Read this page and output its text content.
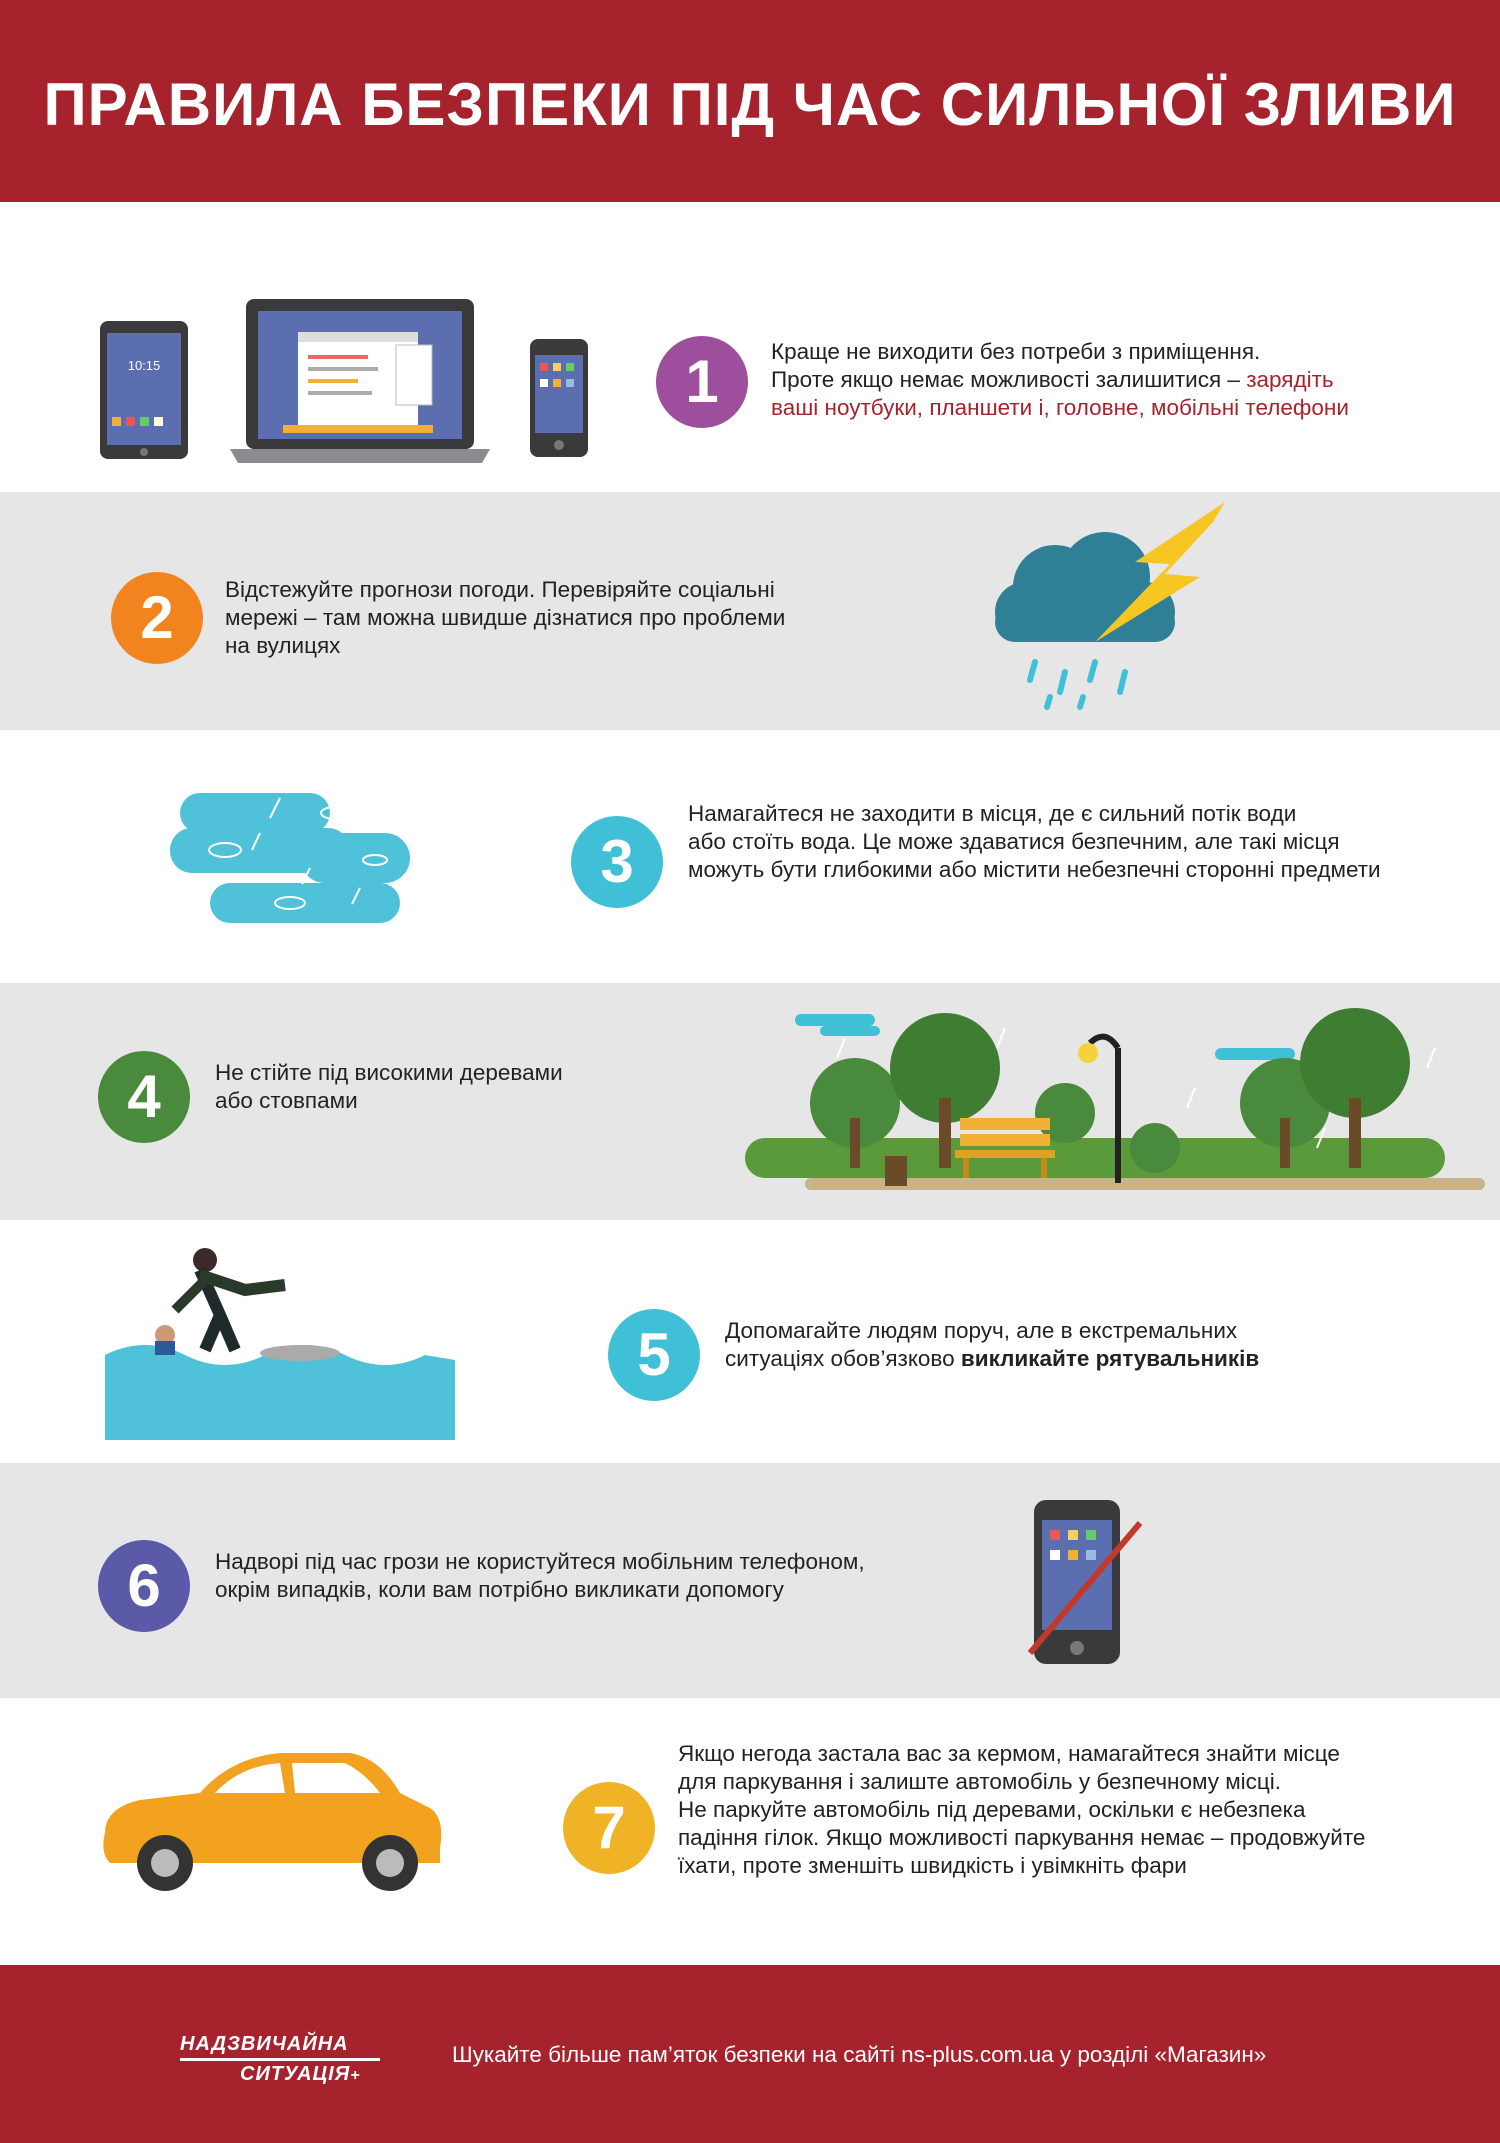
ПРАВИЛА БЕЗПЕКИ ПІД ЧАС СИЛЬНОЇ ЗЛИВИ
10:15	1	Краще не виходити без потреби з приміщення.
Проте якщо немає можливості залишитися – зарядіть
ваші ноутбуки, планшети і, головне, мобільні телефони
2	Відстежуйте прогнози погоди. Перевіряйте соціальні
мережі – там можна швидше дізнатися про проблеми
на вулицях
3
Намагайтеся не заходити в місця, де є сильний потік води
або стоїть вода. Це може здаватися безпечним, але такі місця
можуть бути глибокими або містити небезпечні сторонні предмети
4	Не стійте під високими деревами
або стовпами
5	Допомагайте людям поруч, але в екстремальних
ситуаціях обов’язково викликайте рятувальників
6	Надворі під час грози не користуйтеся мобільним телефоном,
окрім випадків, коли вам потрібно викликати допомогу
7
Якщо негода застала вас за кермом, намагайтеся знайти місце
для паркування і залиште автомобіль у безпечному місці.
Не паркуйте автомобіль під деревами, оскільки є небезпека
падіння гілок. Якщо можливості паркування немає – продовжуйте
їхати, проте зменшіть швидкість і увімкніть фари
НАДЗВИЧАЙНА
СИТУАЦІЯ+
Шукайте більше пам’яток безпеки на сайті ns-plus.com.ua у розділі «Магазин»
